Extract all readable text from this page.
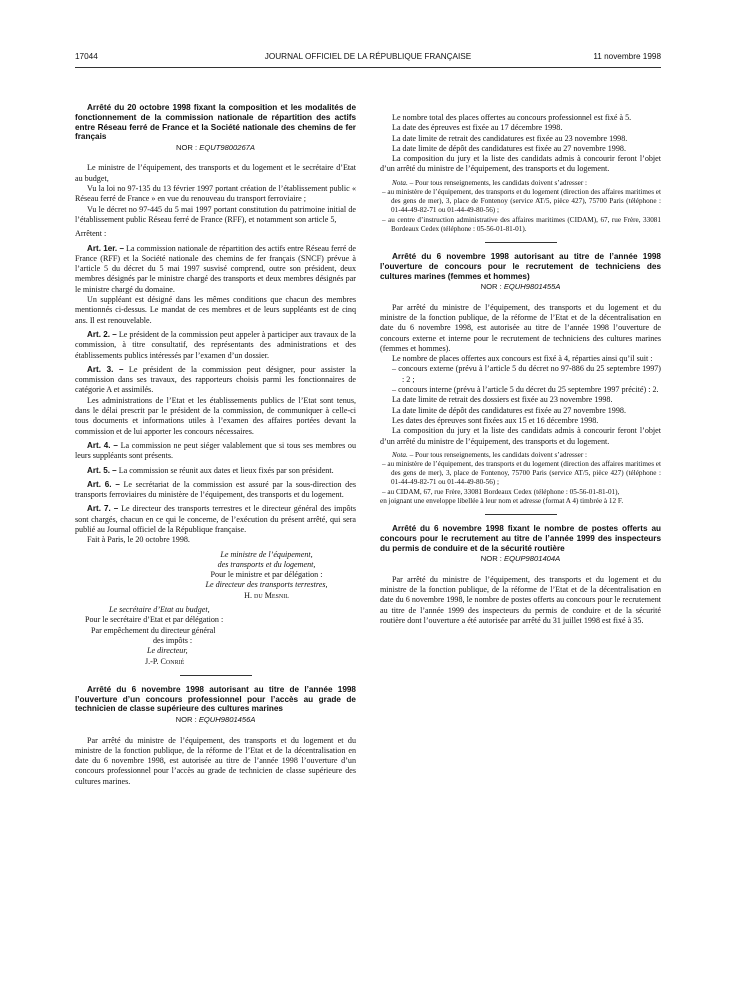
17044	JOURNAL OFFICIEL DE LA RÉPUBLIQUE FRANÇAISE	11 novembre 1998

Arrêté du 20 octobre 1998 fixant la composition et les modalités de fonctionnement de la commission nationale de répartition des actifs entre Réseau ferré de France et la Société nationale des chemins de fer français

NOR : EQUT9800267A

Le ministre de l’équipement, des transports et du logement et le secrétaire d’Etat au budget,

Vu la loi no 97-135 du 13 février 1997 portant création de l’établissement public « Réseau ferré de France » en vue du renouveau du transport ferroviaire ;

Vu le décret no 97-445 du 5 mai 1997 portant constitution du patrimoine initial de l’établissement public Réseau ferré de France (RFF), et notamment son article 5,

Arrêtent :

Art. 1er. – La commission nationale de répartition des actifs entre Réseau ferré de France (RFF) et la Société nationale des chemins de fer français (SNCF) prévue à l’article 5 du décret du 5 mai 1997 susvisé comprend, outre son président, deux membres désignés par le ministre chargé des transports et deux membres désignés par le ministre chargé du domaine.

Un suppléant est désigné dans les mêmes conditions que chacun des membres mentionnés ci-dessus. Le mandat de ces membres et de leurs suppléants est de cinq ans. Il est renouvelable.

Art. 2. – Le président de la commission peut appeler à participer aux travaux de la commission, à titre consultatif, des représentants des administrations et des établissements publics intéressés par l’examen d’un dossier.

Art. 3. – Le président de la commission peut désigner, pour assister la commission dans ses travaux, des rapporteurs choisis parmi les fonctionnaires de catégorie A et assimilés.

Les administrations de l’Etat et les établissements publics de l’Etat sont tenus, dans le délai prescrit par le président de la commission, de communiquer à celle-ci tous documents et informations utiles à l’examen des affaires portées devant la commission et de lui apporter les concours nécessaires.

Art. 4. – La commission ne peut siéger valablement que si tous ses membres ou leurs suppléants sont présents.

Art. 5. – La commission se réunit aux dates et lieux fixés par son président.

Art. 6. – Le secrétariat de la commission est assuré par la sous-direction des transports ferroviaires du ministère de l’équipement, des transports et du logement.

Art. 7. – Le directeur des transports terrestres et le directeur général des impôts sont chargés, chacun en ce qui le concerne, de l’exécution du présent arrêté, qui sera publié au Journal officiel de la République française.

Fait à Paris, le 20 octobre 1998.

Le ministre de l’équipement,

des transports et du logement,

Pour le ministre et par délégation :

Le directeur des transports terrestres,

H. du Mesnil

Le secrétaire d’Etat au budget,

Pour le secrétaire d’Etat et par délégation :

Par empêchement du directeur général

des impôts :

Le directeur,

J.-P. Conrié

Arrêté du 6 novembre 1998 autorisant au titre de l’année 1998 l’ouverture d’un concours professionnel pour l’accès au grade de technicien de classe supérieure des cultures marines

NOR : EQUH9801456A

Par arrêté du ministre de l’équipement, des transports et du logement et du ministre de la fonction publique, de la réforme de l’Etat et de la décentralisation en date du 6 novembre 1998, est autorisée au titre de l’année 1998 l’ouverture d’un concours professionnel pour l’accès au grade de technicien de classe supérieure des cultures marines.

Le nombre total des places offertes au concours professionnel est fixé à 5.

La date des épreuves est fixée au 17 décembre 1998.

La date limite de retrait des candidatures est fixée au 23 novembre 1998.

La date limite de dépôt des candidatures est fixée au 27 novembre 1998.

La composition du jury et la liste des candidats admis à concourir feront l’objet d’un arrêté du ministre de l’équipement, des transports et du logement.

Nota. – Pour tous renseignements, les candidats doivent s’adresser :

– au ministère de l’équipement, des transports et du logement (direction des affaires maritimes et des gens de mer), 3, place de Fontenoy (service AT/5, pièce 427), 75700 Paris (téléphone : 01-44-49-82-71 ou 01-44-49-80-56) ;

– au centre d’instruction administrative des affaires maritimes (CIDAM), 67, rue Frère, 33081 Bordeaux Cedex (téléphone : 05-56-01-81-01).

Arrêté du 6 novembre 1998 autorisant au titre de l’année 1998 l’ouverture de concours pour le recrutement de techniciens des cultures marines (femmes et hommes)

NOR : EQUH9801455A

Par arrêté du ministre de l’équipement, des transports et du logement et du ministre de la fonction publique, de la réforme de l’Etat et de la décentralisation en date du 6 novembre 1998, est autorisée au titre de l’année 1998 l’ouverture de concours externe et interne pour le recrutement de techniciens des cultures marines (femmes et hommes).

Le nombre de places offertes aux concours est fixé à 4, réparties ainsi qu’il suit :

– concours externe (prévu à l’article 5 du décret no 97-886 du 25 septembre 1997) : 2 ;

– concours interne (prévu à l’article 5 du décret du 25 septembre 1997 précité) : 2.

La date limite de retrait des dossiers est fixée au 23 novembre 1998.

La date limite de dépôt des candidatures est fixée au 27 novembre 1998.

Les dates des épreuves sont fixées aux 15 et 16 décembre 1998.

La composition du jury et la liste des candidats admis à concourir feront l’objet d’un arrêté du ministre de l’équipement, des transports et du logement.

Nota. – Pour tous renseignements, les candidats doivent s’adresser :

– au ministère de l’équipement, des transports et du logement (direction des affaires maritimes et des gens de mer), 3, place de Fontenoy, 75700 Paris (service AT/5, pièce 427) (téléphone : 01-44-49-82-71 ou 01-44-49-80-56) ;

– au CIDAM, 67, rue Frère, 33081 Bordeaux Cedex (téléphone : 05-56-01-81-01),

en joignant une enveloppe libellée à leur nom et adresse (format A 4) timbrée à 12 F.

Arrêté du 6 novembre 1998 fixant le nombre de postes offerts au concours pour le recrutement au titre de l’année 1999 des inspecteurs du permis de conduire et de la sécurité routière

NOR : EQUP9801404A

Par arrêté du ministre de l’équipement, des transports et du logement et du ministre de la fonction publique, de la réforme de l’Etat et de la décentralisation en date du 6 novembre 1998, le nombre de postes offerts au concours pour le recrutement au titre de l’année 1999 des inspecteurs du permis de conduire et de la sécurité routière dont l’ouverture a été autorisée par arrêté du 31 juillet 1998 est fixé à 35.
